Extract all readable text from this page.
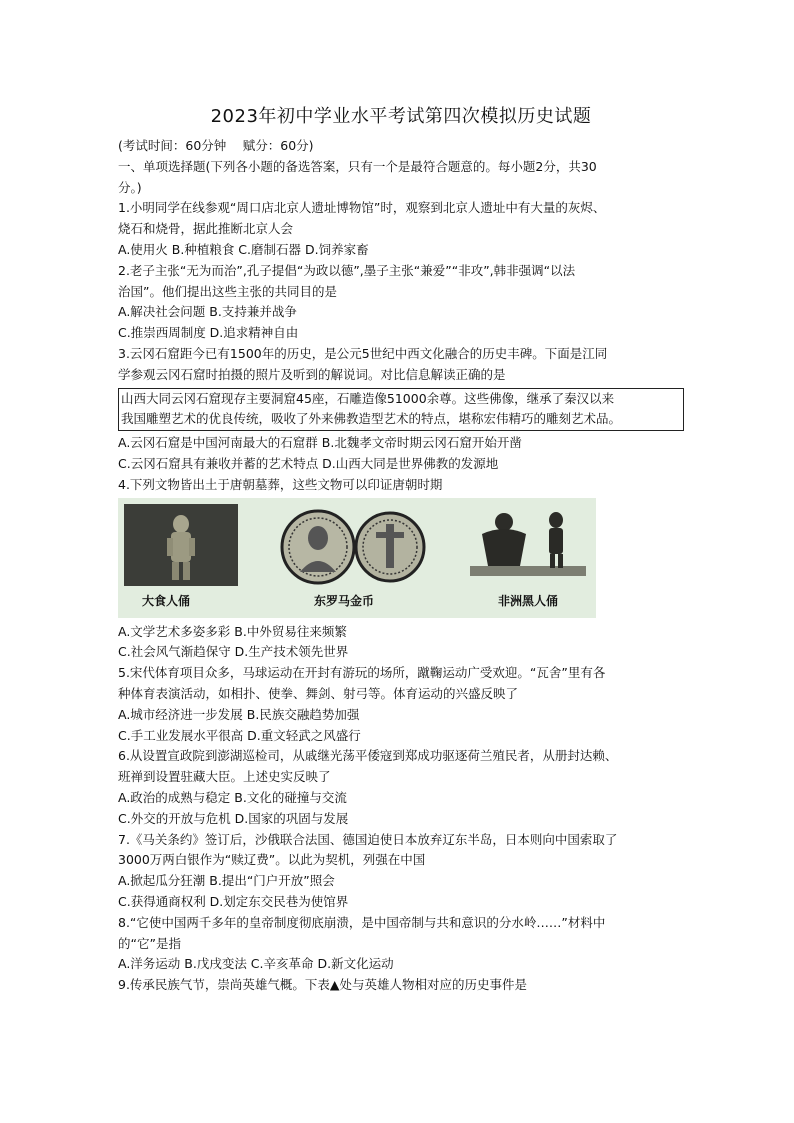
2023年初中学业水平考试第四次模拟历史试题
(考试时间：60分钟　 赋分：60分)
一、单项选择题(下列各小题的备选答案，只有一个是最符合题意的。每小题2分，共30
分。)
1.小明同学在线参观“周口店北京人遗址博物馆”时，观察到北京人遗址中有大量的灰烬、
烧石和烧骨，据此推断北京人会
A.使用火 B.种植粮食 C.磨制石器 D.饲养家畜
2.老子主张“无为而治”,孔子提倡“为政以德”,墨子主张“兼爱”“非攻”,韩非强调“以法
治国”。他们提出这些主张的共同目的是
A.解决社会问题 B.支持兼并战争
C.推崇西周制度 D.追求精神自由
3.云冈石窟距今已有1500年的历史，是公元5世纪中西文化融合的历史丰碑。下面是江同
学参观云冈石窟时拍摄的照片及听到的解说词。对比信息解读正确的是
山西大同云冈石窟现存主要洞窟45座，石雕造像51000余尊。这些佛像，继承了秦汉以来
我国雕塑艺术的优良传统，吸收了外来佛教造型艺术的特点，堪称宏伟精巧的雕刻艺术品。
A.云冈石窟是中国河南最大的石窟群 B.北魏孝文帝时期云冈石窟开始开凿
C.云冈石窟具有兼收并蓄的艺术特点 D.山西大同是世界佛教的发源地
4.下列文物皆出土于唐朝墓葬，这些文物可以印证唐朝时期
大食人俑	东罗马金币	非洲黑人俑
A.文学艺术多姿多彩 B.中外贸易往来频繁
C.社会风气渐趋保守 D.生产技术领先世界
5.宋代体育项目众多，马球运动在开封有游玩的场所，蹴鞠运动广受欢迎。“瓦舍”里有各
种体育表演活动，如相扑、使拳、舞剑、射弓等。体育运动的兴盛反映了
A.城市经济进一步发展 B.民族交融趋势加强
C.手工业发展水平很高 D.重文轻武之风盛行
6.从设置宣政院到澎湖巡检司，从戚继光荡平倭寇到郑成功驱逐荷兰殖民者，从册封达赖、
班禅到设置驻藏大臣。上述史实反映了
A.政治的成熟与稳定 B.文化的碰撞与交流
C.外交的开放与危机 D.国家的巩固与发展
7.《马关条约》签订后，沙俄联合法国、德国迫使日本放弃辽东半岛，日本则向中国索取了
3000万两白银作为“赎辽费”。以此为契机，列强在中国
A.掀起瓜分狂潮 B.提出“门户开放”照会
C.获得通商权利 D.划定东交民巷为使馆界
8.“它使中国两千多年的皇帝制度彻底崩溃，是中国帝制与共和意识的分水岭……”材料中
的“它”是指
A.洋务运动 B.戊戌变法 C.辛亥革命 D.新文化运动
9.传承民族气节，崇尚英雄气概。下表▲处与英雄人物相对应的历史事件是
